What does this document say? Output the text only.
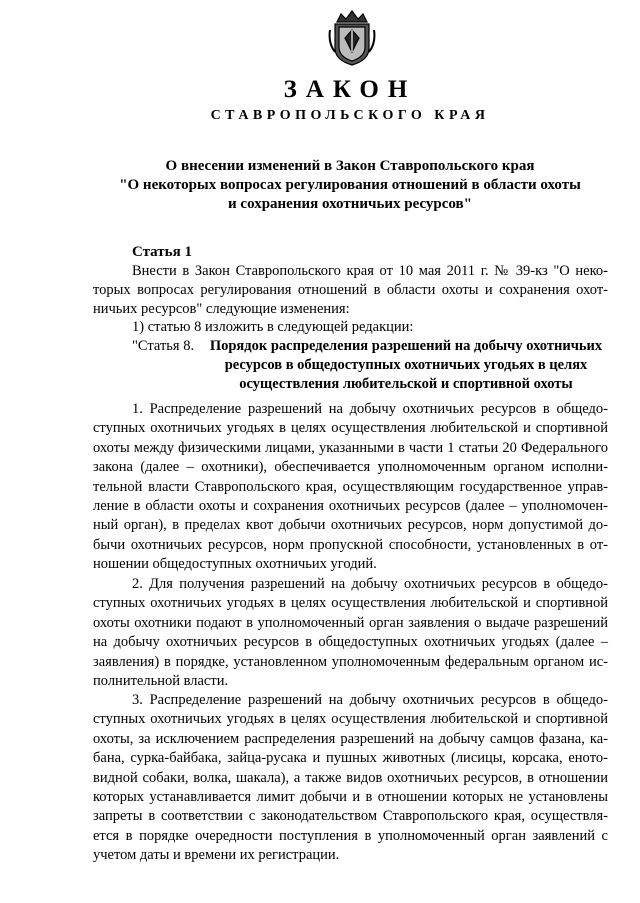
ЗАКОН
СТАВРОПОЛЬСКОГО КРАЯ
О внесении изменений в Закон Ставропольского края
"О некоторых вопросах регулирования отношений в области охоты
и сохранения охотничьих ресурсов"
Статья 1
Внести в Закон Ставропольского края от 10 мая 2011 г. № 39-кз "О неко-
торых вопросах регулирования отношений в области охоты и сохранения охот-
ничьих ресурсов" следующие изменения:
1) статью 8 изложить в следующей редакции:
"Статья 8.	Порядок распределения разрешений на добычу охотничьих
ресурсов в общедоступных охотничьих угодьях в целях
осуществления любительской и спортивной охоты
1. Распределение разрешений на добычу охотничьих ресурсов в общедо-
ступных охотничьих угодьях в целях осуществления любительской и спортивной
охоты между физическими лицами, указанными в части 1 статьи 20 Федерального
закона (далее – охотники), обеспечивается уполномоченным органом исполни-
тельной власти Ставропольского края, осуществляющим государственное управ-
ление в области охоты и сохранения охотничьих ресурсов (далее – уполномочен-
ный орган), в пределах квот добычи охотничьих ресурсов, норм допустимой до-
бычи охотничьих ресурсов, норм пропускной способности, установленных в от-
ношении общедоступных охотничьих угодий.
2. Для получения разрешений на добычу охотничьих ресурсов в общедо-
ступных охотничьих угодьях в целях осуществления любительской и спортивной
охоты охотники подают в уполномоченный орган заявления о выдаче разрешений
на добычу охотничьих ресурсов в общедоступных охотничьих угодьях (далее –
заявления) в порядке, установленном уполномоченным федеральным органом ис-
полнительной власти.
3. Распределение разрешений на добычу охотничьих ресурсов в общедо-
ступных охотничьих угодьях в целях осуществления любительской и спортивной
охоты, за исключением распределения разрешений на добычу самцов фазана, ка-
бана, сурка-байбака, зайца-русака и пушных животных (лисицы, корсака, енoто-
видной собаки, волка, шакала), а также видов охотничьих ресурсов, в отношении
которых устанавливается лимит добычи и в отношении которых не установлены
запреты в соответствии с законодательством Ставропольского края, осуществля-
ется в порядке очередности поступления в уполномоченный орган заявлений с
учетом даты и времени их регистрации.
